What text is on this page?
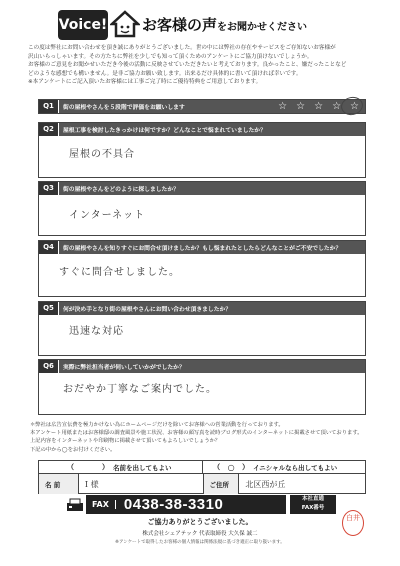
Voice! お客様の声をお聞かせください

この度は弊社にお問い合わせを頂き誠にありがとうございました。世の中には弊社の存在やサービスをご存知ないお客様が

沢山いらっしゃいます。その方たちに弊社を少しでも知って頂くためのアンケートにご協力頂けないでしょうか。

お客様のご意見をお聞かせいただき今後の活動に反映させていただきたいと考えております。良かったこと、嫌だったことなど

どのような感想でも構いません。是非ご協力お願い致します。出来るだけ具体的に書いて頂ければ幸いです。

※本アンケートにご記入頂いたお客様には工事ご完了時にご優待特典をご用意しております。

Q1	街の屋根やさんを５段階で評価をお願いします	☆ ☆ ☆ ☆ ☆
Q2	屋根工事を検討したきっかけは何ですか？どんなことで悩まれていましたか？
屋根の不具合
Q3	街の屋根やさんをどのように探しましたか？
インターネット
Q4	街の屋根やさんを知りすぐにお問合せ頂けましたか？もし悩まれたとしたらどんなことがご不安でしたか？
すぐに問合せしました。
Q5	何が決め手となり街の屋根やさんにお問い合わせ頂きましたか？
迅速な対応
Q6	実際に弊社担当者が伺いしていかがでしたか？
おだやか丁寧なご案内でした。

＊弊社は広告宣伝費を極力かけない為にホームページだけを除いてお客様への営業活動を行っております。

本アンケート用紙またはお客様邸の調査風景や施工状況、お客様の顔写真を読時ブログ形式のインターネットに掲載させて頂いております。

上記内容をインターネットや印刷物に掲載させて頂いてもよろしいでしょうか？

下記の中から◯をお付けください。

（	） 名前を出してもよい	（ ○	） イニシャルなら出してもよい
名 前	I 様	ご住所	北区西が丘
FAX	0438-38-3310	本社直通
FAX番号
ご協力ありがとうございました。
株式会社シェアテック 代表取締役 大久保 誠二
※アンケートで取得したお客様の個人情報は関係法規に基づき適正に取り扱います。
白井
